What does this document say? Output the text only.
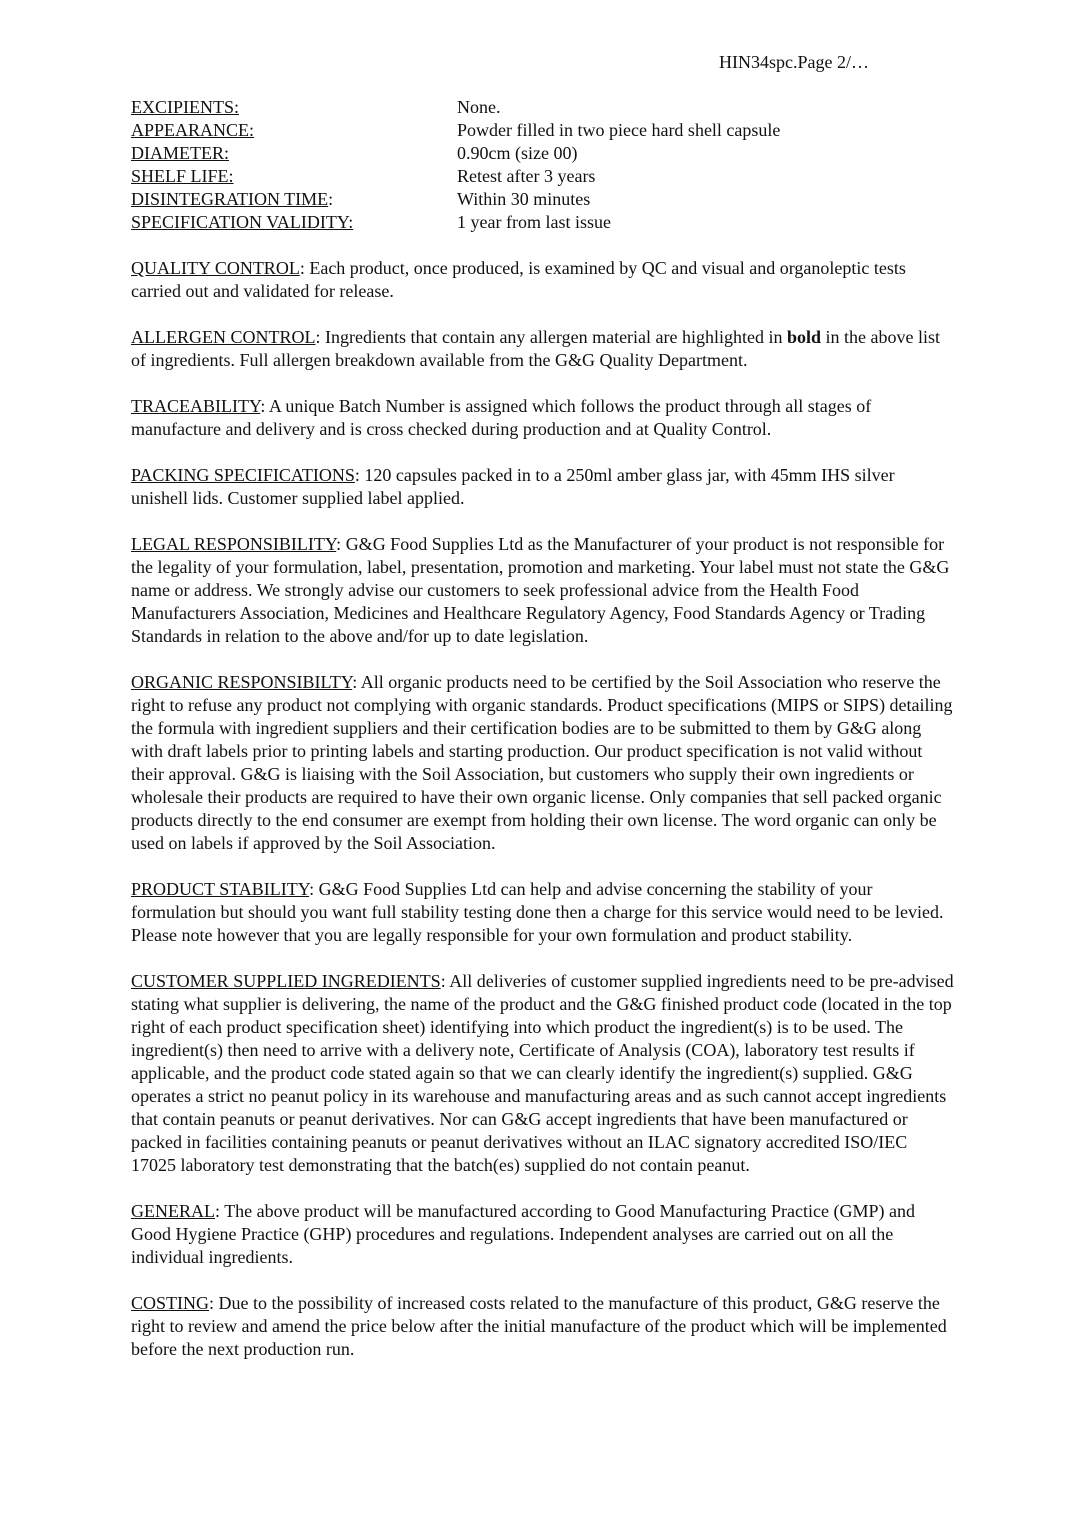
HIN34spc.Page 2/…
EXCIPIENTS:	None.
APPEARANCE:	Powder filled in two piece hard shell capsule
DIAMETER:	0.90cm (size 00)
SHELF LIFE:	Retest after 3 years
DISINTEGRATION TIME:	Within 30 minutes
SPECIFICATION VALIDITY:	1 year from last issue

QUALITY CONTROL: Each product, once produced, is examined by QC and visual and organoleptic tests carried out and validated for release.

ALLERGEN CONTROL: Ingredients that contain any allergen material are highlighted in bold in the above list of ingredients. Full allergen breakdown available from the G&G Quality Department.

TRACEABILITY: A unique Batch Number is assigned which follows the product through all stages of manufacture and delivery and is cross checked during production and at Quality Control.

PACKING SPECIFICATIONS: 120 capsules packed in to a 250ml amber glass jar, with 45mm IHS silver unishell lids. Customer supplied label applied.

LEGAL RESPONSIBILITY: G&G Food Supplies Ltd as the Manufacturer of your product is not responsible for the legality of your formulation, label, presentation, promotion and marketing. Your label must not state the G&G name or address. We strongly advise our customers to seek professional advice from the Health Food Manufacturers Association, Medicines and Healthcare Regulatory Agency, Food Standards Agency or Trading Standards in relation to the above and/for up to date legislation.

ORGANIC RESPONSIBILTY: All organic products need to be certified by the Soil Association who reserve the right to refuse any product not complying with organic standards. Product specifications (MIPS or SIPS) detailing the formula with ingredient suppliers and their certification bodies are to be submitted to them by G&G along with draft labels prior to printing labels and starting production. Our product specification is not valid without their approval. G&G is liaising with the Soil Association, but customers who supply their own ingredients or wholesale their products are required to have their own organic license. Only companies that sell packed organic products directly to the end consumer are exempt from holding their own license. The word organic can only be used on labels if approved by the Soil Association.

PRODUCT STABILITY: G&G Food Supplies Ltd can help and advise concerning the stability of your formulation but should you want full stability testing done then a charge for this service would need to be levied. Please note however that you are legally responsible for your own formulation and product stability.

CUSTOMER SUPPLIED INGREDIENTS: All deliveries of customer supplied ingredients need to be pre-advised stating what supplier is delivering, the name of the product and the G&G finished product code (located in the top right of each product specification sheet) identifying into which product the ingredient(s) is to be used. The ingredient(s) then need to arrive with a delivery note, Certificate of Analysis (COA), laboratory test results if applicable, and the product code stated again so that we can clearly identify the ingredient(s) supplied. G&G operates a strict no peanut policy in its warehouse and manufacturing areas and as such cannot accept ingredients that contain peanuts or peanut derivatives. Nor can G&G accept ingredients that have been manufactured or packed in facilities containing peanuts or peanut derivatives without an ILAC signatory accredited ISO/IEC 17025 laboratory test demonstrating that the batch(es) supplied do not contain peanut.

GENERAL: The above product will be manufactured according to Good Manufacturing Practice (GMP) and Good Hygiene Practice (GHP) procedures and regulations. Independent analyses are carried out on all the individual ingredients.

COSTING: Due to the possibility of increased costs related to the manufacture of this product, G&G reserve the right to review and amend the price below after the initial manufacture of the product which will be implemented before the next production run.
